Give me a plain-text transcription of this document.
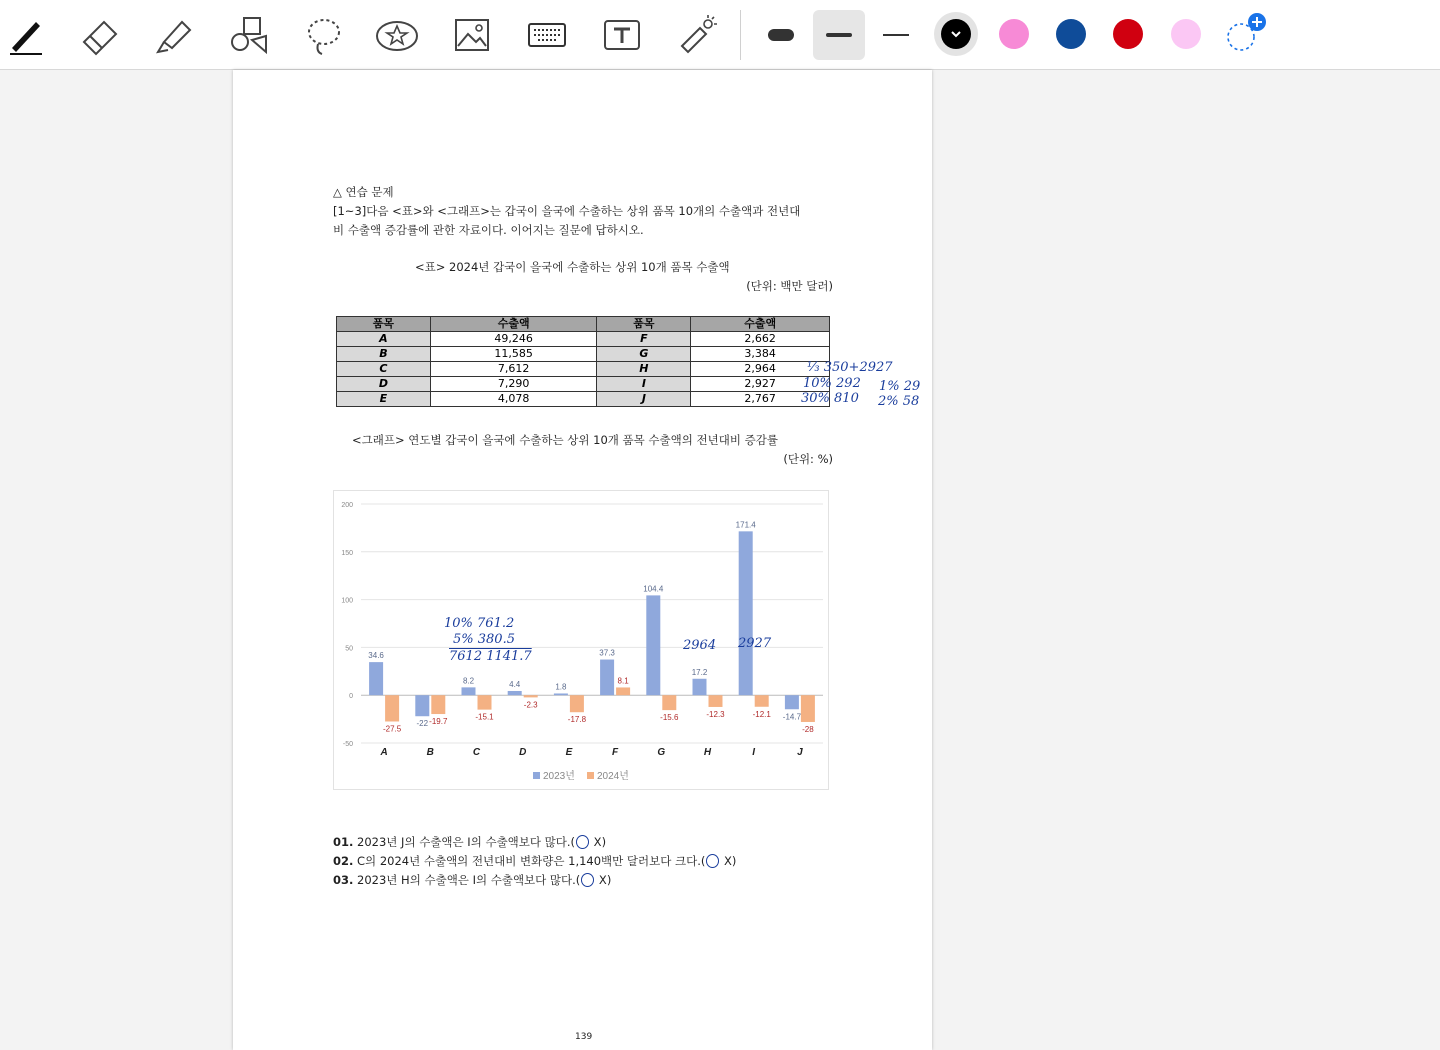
△ 연습 문제
[1~3]다음 <표>와 <그래프>는 갑국이 을국에 수출하는 상위 품목 10개의 수출액과 전년대
비 수출액 증감률에 관한 자료이다. 이어지는 질문에 답하시오.
<표> 2024년 갑국이 을국에 수출하는 상위 10개 품목 수출액
(단위: 백만 달러)
품목	수출액	품목	수출액
A	49,246	F	2,662
B	11,585	G	3,384
C	7,612	H	2,964
D	7,290	I	2,927
E	4,078	J	2,767
⅓ 350+2927
10% 292
30% 810
1% 29
2% 58
<그래프> 연도별 갑국이 을국에 수출하는 상위 10개 품목 수출액의 전년대비 증감률
(단위: %)
200
150
100
50
0
-50
34.6
-27.5
A
-22 -19.7
B
8.2
-15.1
C
4.4
-2.3
D
1.8
-17.8
E
37.3
8.1
F
104.4
-15.6
G
17.2
-12.3
H
171.4
-12.1
I
-14.7
-28
J
2023년 2024년
10% 761.2
5% 380.5
7612 1141.7
2964 2927
01. 2023년 J의 수출액은 I의 수출액보다 많다.( X)
02. C의 2024년 수출액의 전년대비 변화량은 1,140백만 달러보다 크다.( X)
03. 2023년 H의 수출액은 I의 수출액보다 많다.( X)
139
